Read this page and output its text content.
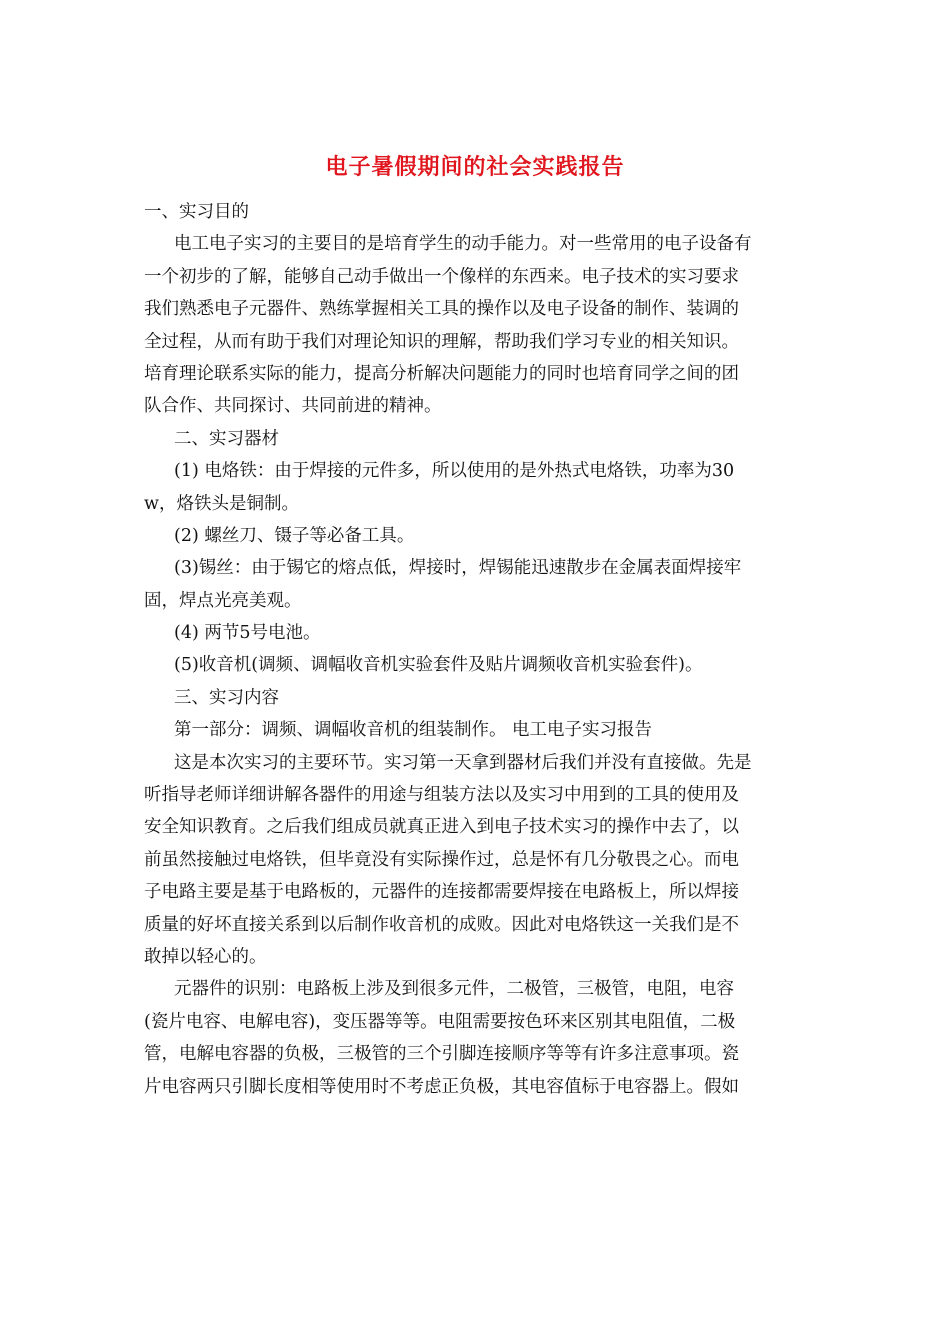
电子暑假期间的社会实践报告
一、实习目的
电工电子实习的主要目的是培育学生的动手能力。对一些常用的电子设备有
一个初步的了解，能够自己动手做出一个像样的东西来。电子技术的实习要求
我们熟悉电子元器件、熟练掌握相关工具的操作以及电子设备的制作、装调的
全过程，从而有助于我们对理论知识的理解，帮助我们学习专业的相关知识。
培育理论联系实际的能力，提高分析解决问题能力的同时也培育同学之间的团
队合作、共同探讨、共同前进的精神。
二、实习器材
(1) 电烙铁：由于焊接的元件多，所以使用的是外热式电烙铁，功率为30
w，烙铁头是铜制。
(2) 螺丝刀、镊子等必备工具。
(3)锡丝：由于锡它的熔点低，焊接时，焊锡能迅速散步在金属表面焊接牢
固，焊点光亮美观。
(4) 两节5号电池。
(5)收音机(调频、调幅收音机实验套件及贴片调频收音机实验套件)。
三、实习内容
第一部分：调频、调幅收音机的组装制作。 电工电子实习报告
这是本次实习的主要环节。实习第一天拿到器材后我们并没有直接做。先是
听指导老师详细讲解各器件的用途与组装方法以及实习中用到的工具的使用及
安全知识教育。之后我们组成员就真正进入到电子技术实习的操作中去了，以
前虽然接触过电烙铁，但毕竟没有实际操作过，总是怀有几分敬畏之心。而电
子电路主要是基于电路板的，元器件的连接都需要焊接在电路板上，所以焊接
质量的好坏直接关系到以后制作收音机的成败。因此对电烙铁这一关我们是不
敢掉以轻心的。
元器件的识别：电路板上涉及到很多元件，二极管，三极管，电阻，电容
(瓷片电容、电解电容)，变压器等等。电阻需要按色环来区别其电阻值，二极
管，电解电容器的负极，三极管的三个引脚连接顺序等等有许多注意事项。瓷
片电容两只引脚长度相等使用时不考虑正负极，其电容值标于电容器上。假如
